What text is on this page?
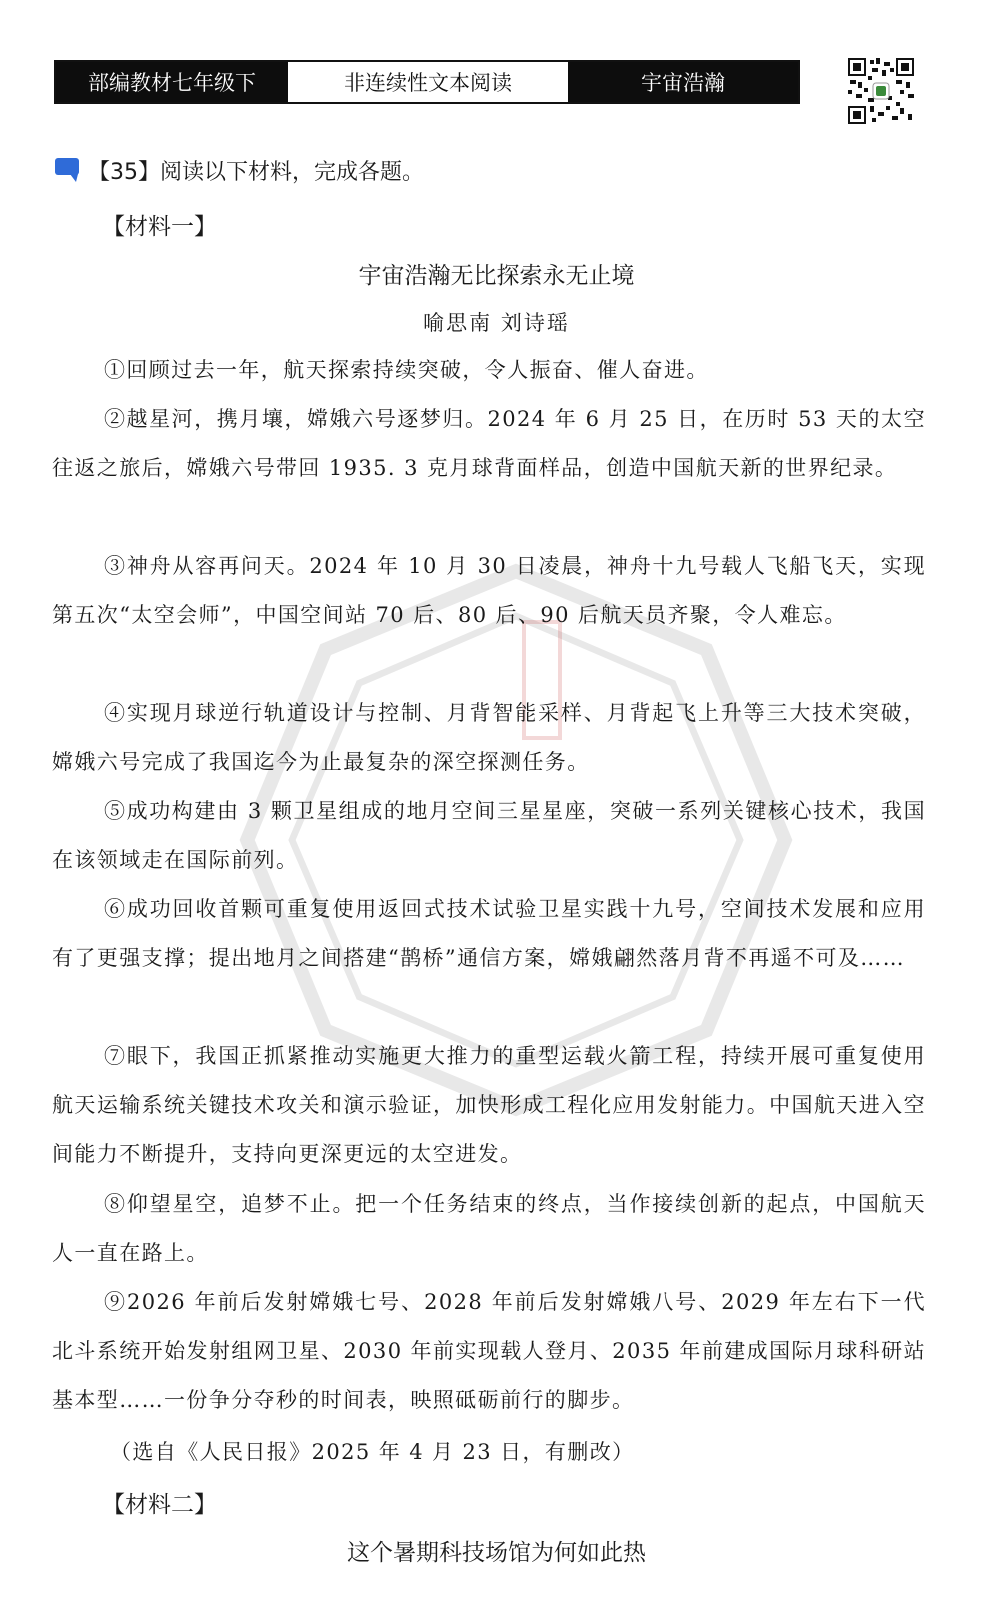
部编教材七年级下	非连续性文本阅读	宇宙浩瀚
【35】阅读以下材料，完成各题。
【材料一】
宇宙浩瀚无比探索永无止境
喻思南 刘诗瑶

①回顾过去一年，航天探索持续突破，令人振奋、催人奋进。

②越星河，携月壤，嫦娥六号逐梦归。2024 年 6 月 25 日，在历时 53 天的太空往返之旅后，嫦娥六号带回 1935. 3 克月球背面样品，创造中国航天新的世界纪录。

③神舟从容再问天。2024 年 10 月 30 日凌晨，神舟十九号载人飞船飞天，实现第五次“太空会师”，中国空间站 70 后、80 后、90 后航天员齐聚，令人难忘。

④实现月球逆行轨道设计与控制、月背智能采样、月背起飞上升等三大技术突破，嫦娥六号完成了我国迄今为止最复杂的深空探测任务。

⑤成功构建由 3 颗卫星组成的地月空间三星星座，突破一系列关键核心技术，我国在该领域走在国际前列。

⑥成功回收首颗可重复使用返回式技术试验卫星实践十九号，空间技术发展和应用有了更强支撑；提出地月之间搭建“鹊桥”通信方案，嫦娥翩然落月背不再遥不可及……

⑦眼下，我国正抓紧推动实施更大推力的重型运载火箭工程，持续开展可重复使用航天运输系统关键技术攻关和演示验证，加快形成工程化应用发射能力。中国航天进入空间能力不断提升，支持向更深更远的太空进发。

⑧仰望星空，追梦不止。把一个任务结束的终点，当作接续创新的起点，中国航天人一直在路上。

⑨2026 年前后发射嫦娥七号、2028 年前后发射嫦娥八号、2029 年左右下一代北斗系统开始发射组网卫星、2030 年前实现载人登月、2035 年前建成国际月球科研站基本型……一份争分夺秒的时间表，映照砥砺前行的脚步。

（选自《人民日报》2025 年 4 月 23 日，有删改）
【材料二】
这个暑期科技场馆为何如此热
